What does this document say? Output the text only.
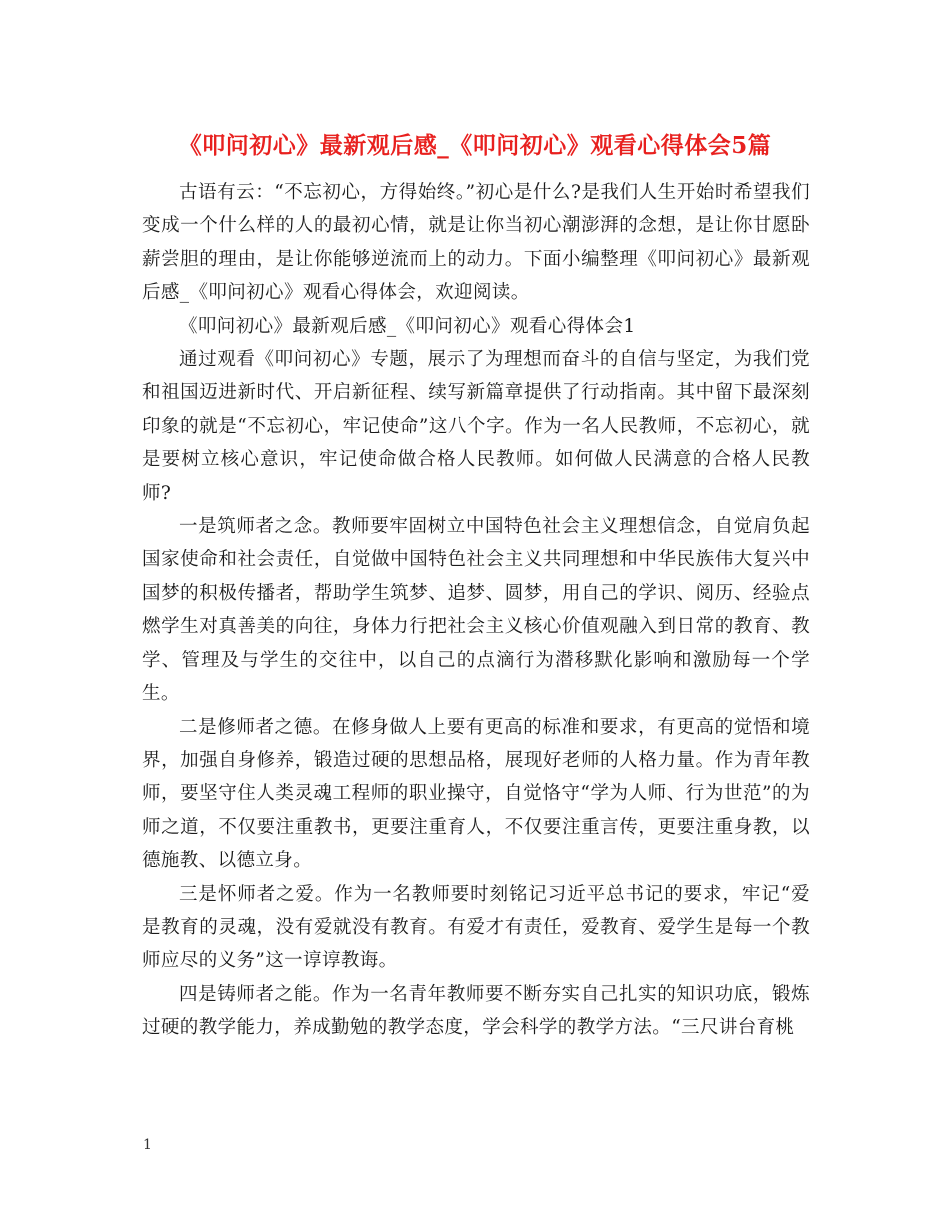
《叩问初心》最新观后感_《叩问初心》观看心得体会5篇

古语有云：“不忘初心，方得始终。”初心是什么?是我们人生开始时希望我们变成一个什么样的人的最初心情，就是让你当初心潮澎湃的念想，是让你甘愿卧薪尝胆的理由，是让你能够逆流而上的动力。下面小编整理《叩问初心》最新观后感_《叩问初心》观看心得体会，欢迎阅读。

《叩问初心》最新观后感_《叩问初心》观看心得体会1

通过观看《叩问初心》专题，展示了为理想而奋斗的自信与坚定，为我们党和祖国迈进新时代、开启新征程、续写新篇章提供了行动指南。其中留下最深刻印象的就是“不忘初心，牢记使命”这八个字。作为一名人民教师，不忘初心，就是要树立核心意识，牢记使命做合格人民教师。如何做人民满意的合格人民教师?

一是筑师者之念。教师要牢固树立中国特色社会主义理想信念，自觉肩负起国家使命和社会责任，自觉做中国特色社会主义共同理想和中华民族伟大复兴中国梦的积极传播者，帮助学生筑梦、追梦、圆梦，用自己的学识、阅历、经验点燃学生对真善美的向往，身体力行把社会主义核心价值观融入到日常的教育、教学、管理及与学生的交往中，以自己的点滴行为潜移默化影响和激励每一个学生。

二是修师者之德。在修身做人上要有更高的标准和要求，有更高的觉悟和境界，加强自身修养，锻造过硬的思想品格，展现好老师的人格力量。作为青年教师，要坚守住人类灵魂工程师的职业操守，自觉恪守“学为人师、行为世范”的为师之道，不仅要注重教书，更要注重育人，不仅要注重言传，更要注重身教，以德施教、以德立身。

三是怀师者之爱。作为一名教师要时刻铭记习近平总书记的要求，牢记“爱是教育的灵魂，没有爱就没有教育。有爱才有责任，爱教育、爱学生是每一个教师应尽的义务”这一谆谆教诲。

四是铸师者之能。作为一名青年教师要不断夯实自己扎实的知识功底，锻炼过硬的教学能力，养成勤勉的教学态度，学会科学的教学方法。“三尺讲台育桃

1
